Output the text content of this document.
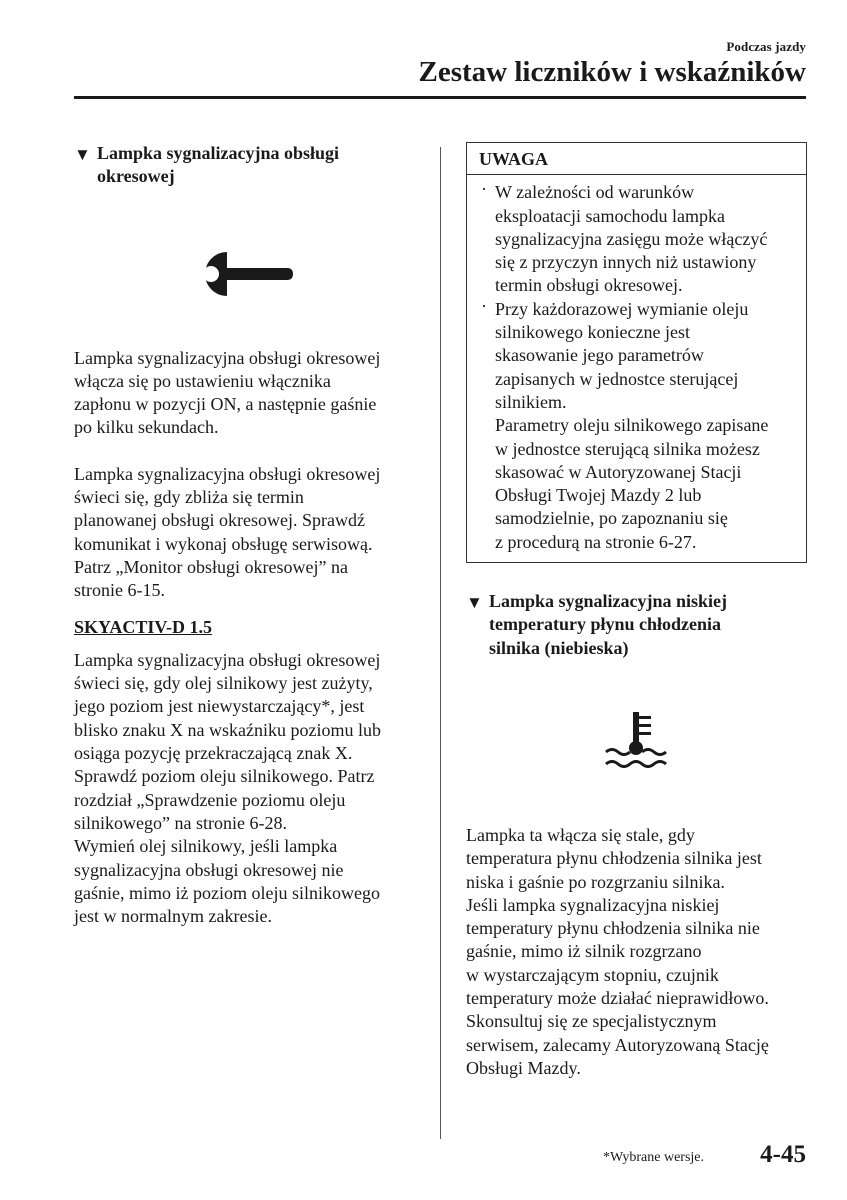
Podczas jazdy
Zestaw liczników i wskaźników
▼ Lampka sygnalizacyjna obsługi
okresowej

Lampka sygnalizacyjna obsługi okresowej
włącza się po ustawieniu włącznika
zapłonu w pozycji ON, a następnie gaśnie
po kilku sekundach.

Lampka sygnalizacyjna obsługi okresowej
świeci się, gdy zbliża się termin
planowanej obsługi okresowej. Sprawdź
komunikat i wykonaj obsługę serwisową.
Patrz „Monitor obsługi okresowej” na
stronie 6-15.

SKYACTIV-D 1.5

Lampka sygnalizacyjna obsługi okresowej
świeci się, gdy olej silnikowy jest zużyty,
jego poziom jest niewystarczający*, jest
blisko znaku X na wskaźniku poziomu lub
osiąga pozycję przekraczającą znak X.
Sprawdź poziom oleju silnikowego. Patrz
rozdział „Sprawdzenie poziomu oleju
silnikowego” na stronie 6-28.
Wymień olej silnikowy, jeśli lampka
sygnalizacyjna obsługi okresowej nie
gaśnie, mimo iż poziom oleju silnikowego
jest w normalnym zakresie.

UWAGA
· W zależności od warunków
eksploatacji samochodu lampka
sygnalizacyjna zasięgu może włączyć
się z przyczyn innych niż ustawiony
termin obsługi okresowej.
· Przy każdorazowej wymianie oleju
silnikowego konieczne jest
skasowanie jego parametrów
zapisanych w jednostce sterującej
silnikiem.
Parametry oleju silnikowego zapisane
w jednostce sterującą silnika możesz
skasować w Autoryzowanej Stacji
Obsługi Twojej Mazdy 2 lub
samodzielnie, po zapoznaniu się
z procedurą na stronie 6-27.
▼ Lampka sygnalizacyjna niskiej
temperatury płynu chłodzenia
silnika (niebieska)

Lampka ta włącza się stale, gdy
temperatura płynu chłodzenia silnika jest
niska i gaśnie po rozgrzaniu silnika.
Jeśli lampka sygnalizacyjna niskiej
temperatury płynu chłodzenia silnika nie
gaśnie, mimo iż silnik rozgrzano
w wystarczającym stopniu, czujnik
temperatury może działać nieprawidłowo.
Skonsultuj się ze specjalistycznym
serwisem, zalecamy Autoryzowaną Stację
Obsługi Mazdy.

*Wybrane wersje. 4-45
